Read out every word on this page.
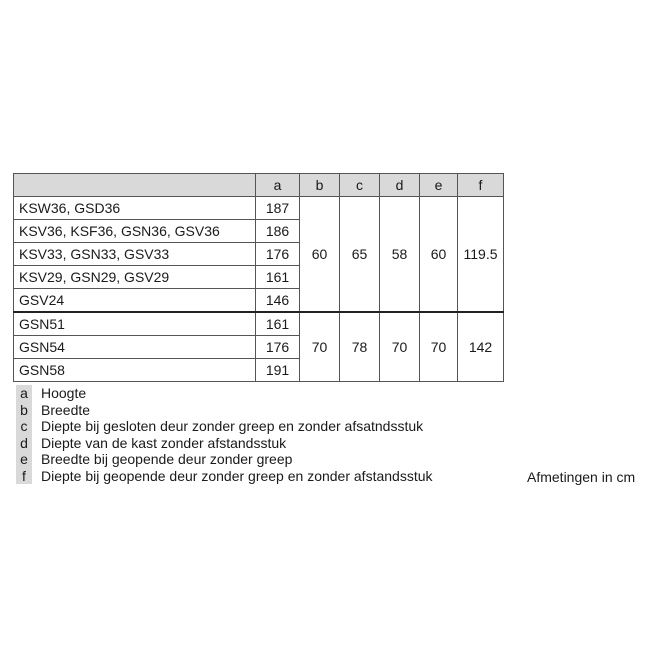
	a	b	c	d	e	f
KSW36, GSD36	187	60	65	58	60	119.5
KSV36, KSF36, GSN36, GSV36	186					
KSV33, GSN33, GSV33	176					
KSV29, GSN29, GSV29	161					
GSV24	146					
GSN51	161	70	78	70	70	142
GSN54	176					
GSN58	191					
a Hoogte
b Breedte
c Diepte bij gesloten deur zonder greep en zonder afsatndsstuk
d Diepte van de kast zonder afstandsstuk
e Breedte bij geopende deur zonder greep
f	Diepte bij geopende deur zonder greep en zonder afstandsstuk	Afmetingen in cm
